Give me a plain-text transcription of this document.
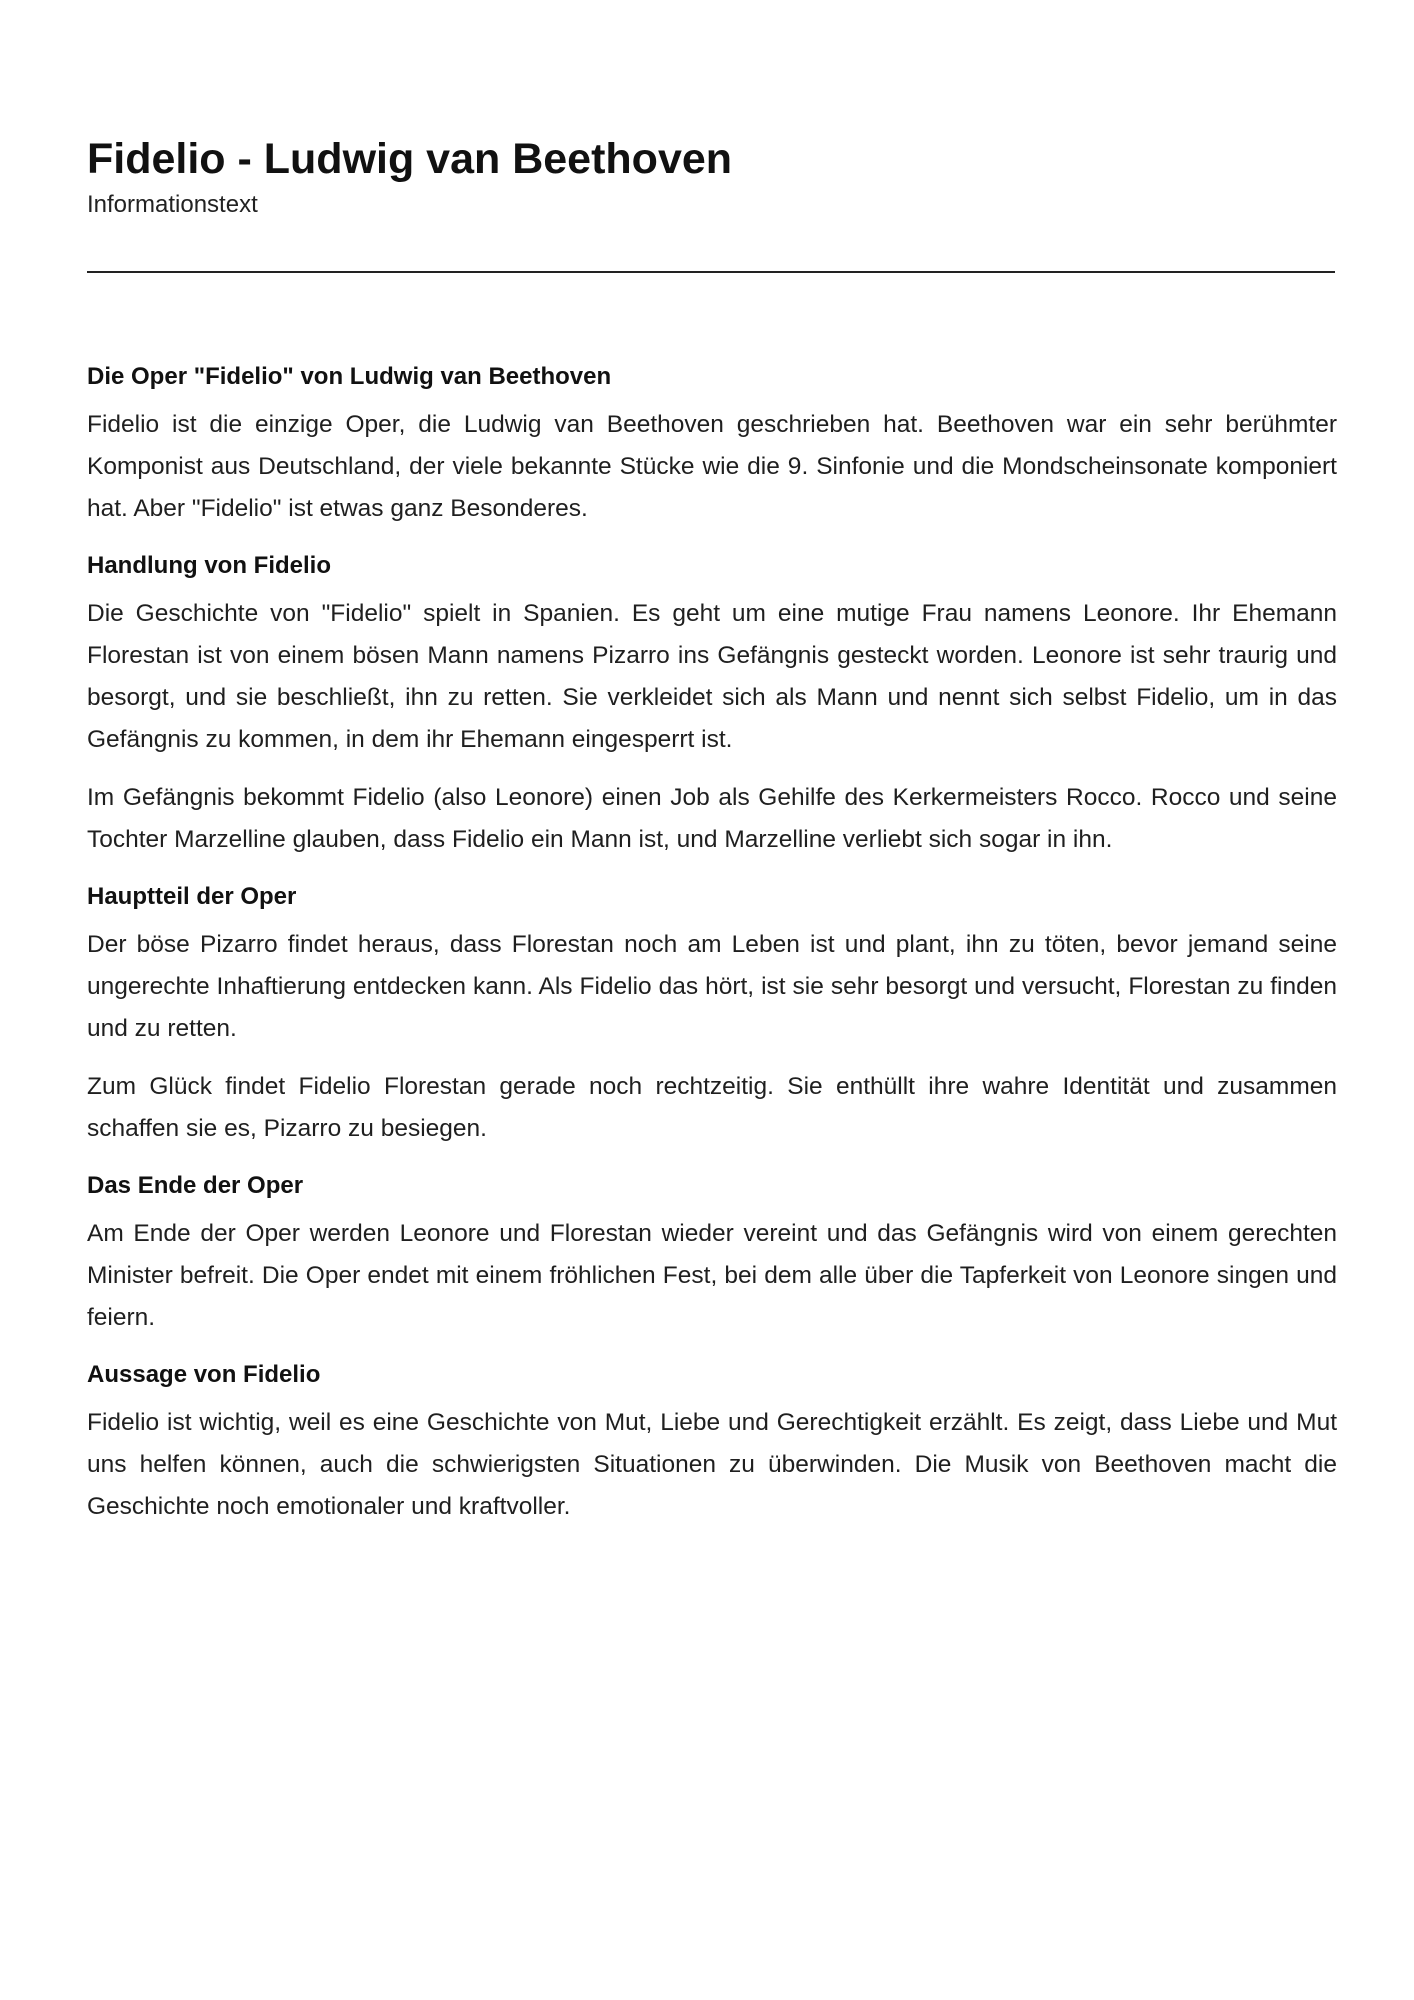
Fidelio - Ludwig van Beethoven
Informationstext
Die Oper "Fidelio" von Ludwig van Beethoven

Fidelio ist die einzige Oper, die Ludwig van Beethoven geschrieben hat. Beethoven war ein sehr berühmter Komponist aus Deutschland, der viele bekannte Stücke wie die 9. Sinfonie und die Mondscheinsonate komponiert hat. Aber "Fidelio" ist etwas ganz Besonderes.

Handlung von Fidelio

Die Geschichte von "Fidelio" spielt in Spanien. Es geht um eine mutige Frau namens Leonore. Ihr Ehemann Florestan ist von einem bösen Mann namens Pizarro ins Gefängnis gesteckt worden. Leonore ist sehr traurig und besorgt, und sie beschließt, ihn zu retten. Sie verkleidet sich als Mann und nennt sich selbst Fidelio, um in das Gefängnis zu kommen, in dem ihr Ehemann eingesperrt ist.

Im Gefängnis bekommt Fidelio (also Leonore) einen Job als Gehilfe des Kerkermeisters Rocco. Rocco und seine Tochter Marzelline glauben, dass Fidelio ein Mann ist, und Marzelline verliebt sich sogar in ihn.

Hauptteil der Oper

Der böse Pizarro findet heraus, dass Florestan noch am Leben ist und plant, ihn zu töten, bevor jemand seine ungerechte Inhaftierung entdecken kann. Als Fidelio das hört, ist sie sehr besorgt und versucht, Florestan zu finden und zu retten.

Zum Glück findet Fidelio Florestan gerade noch rechtzeitig. Sie enthüllt ihre wahre Identität und zusammen schaffen sie es, Pizarro zu besiegen.

Das Ende der Oper

Am Ende der Oper werden Leonore und Florestan wieder vereint und das Gefängnis wird von einem gerechten Minister befreit. Die Oper endet mit einem fröhlichen Fest, bei dem alle über die Tapferkeit von Leonore singen und feiern.

Aussage von Fidelio

Fidelio ist wichtig, weil es eine Geschichte von Mut, Liebe und Gerechtigkeit erzählt. Es zeigt, dass Liebe und Mut uns helfen können, auch die schwierigsten Situationen zu überwinden. Die Musik von Beethoven macht die Geschichte noch emotionaler und kraftvoller.
